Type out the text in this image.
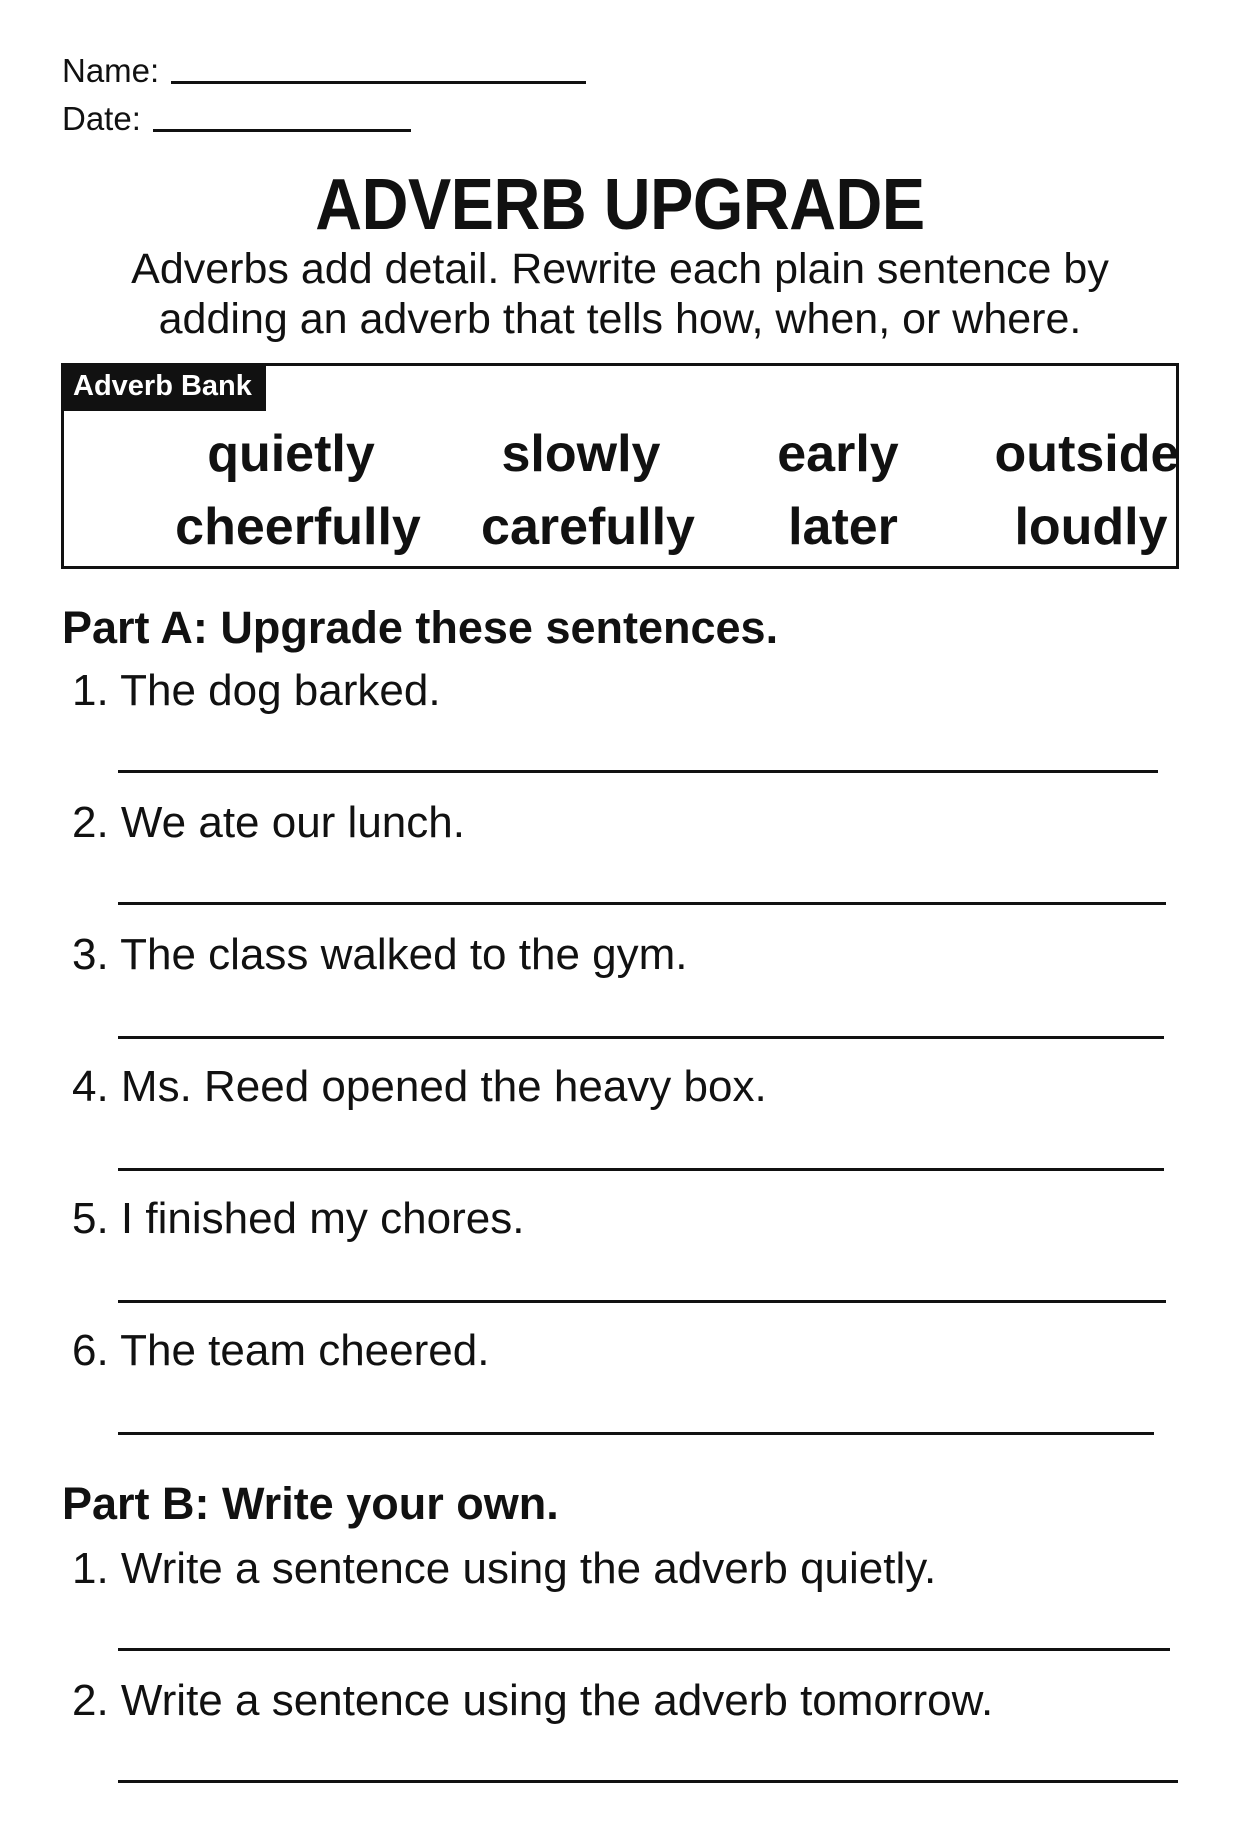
Name:
Date:
ADVERB UPGRADE
Adverbs add detail. Rewrite each plain sentence by
adding an adverb that tells how, when, or where.
Adverb Bank
quietly	slowly	early	outside
cheerfully	carefully	later	loudly
Part A: Upgrade these sentences.
1. The dog barked.
2. We ate our lunch.
3. The class walked to the gym.
4. Ms. Reed opened the heavy box.
5. I finished my chores.
6. The team cheered.
Part B: Write your own.
1. Write a sentence using the adverb quietly.
2. Write a sentence using the adverb tomorrow.
